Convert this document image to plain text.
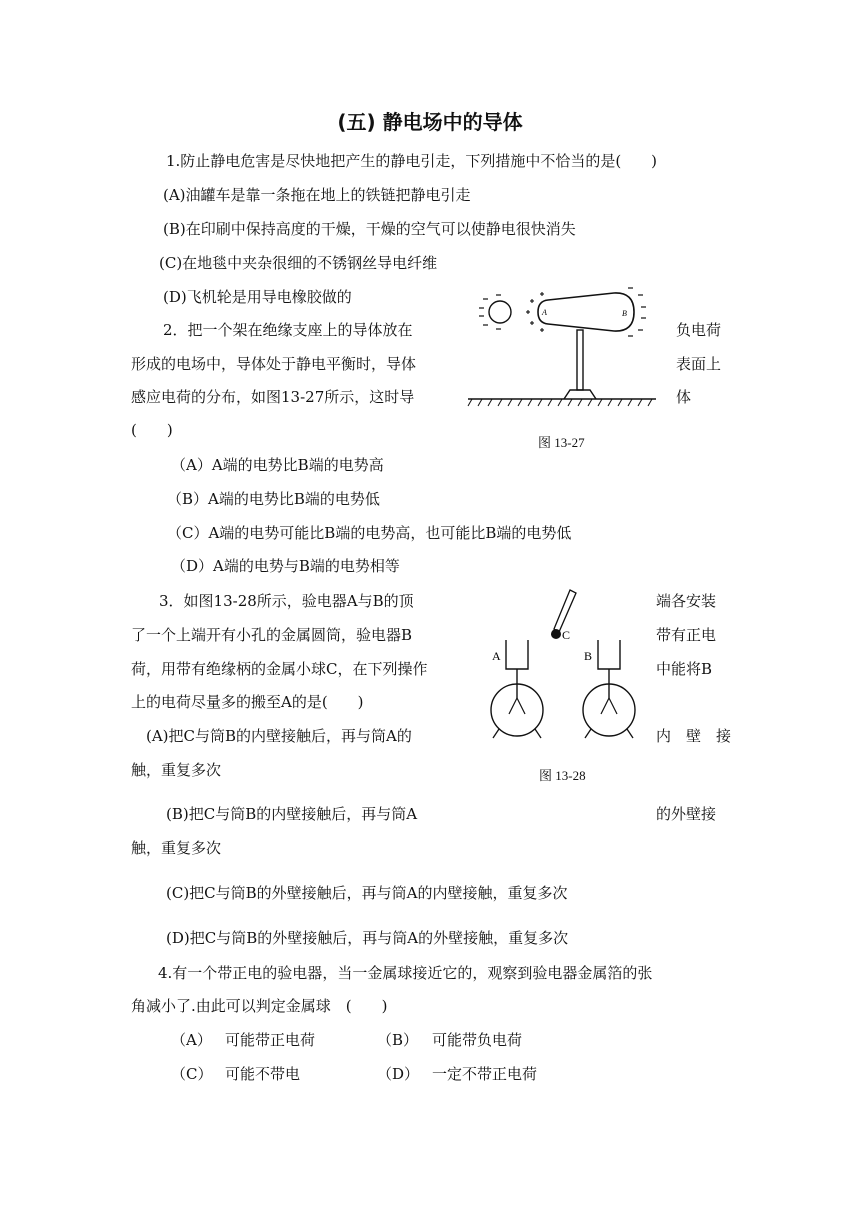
(五) 静电场中的导体
1.防止静电危害是尽快地把产生的静电引走，下列措施中不恰当的是(　　)
(A)油罐车是靠一条拖在地上的铁链把静电引走
(B)在印刷中保持高度的干燥，干燥的空气可以使静电很快消失
(C)在地毯中夹杂很细的不锈钢丝导电纤维
(D)飞机轮是用导电橡胶做的
2．把一个架在绝缘支座上的导体放在	负电荷
形成的电场中，导体处于静电平衡时，导体	表面上
感应电荷的分布，如图13-27所示，这时导	体
(　　)
A	B
图 13-27
（A）A端的电势比B端的电势高
（B）A端的电势比B端的电势低
（C）A端的电势可能比B端的电势高，也可能比B端的电势低
（D）A端的电势与B端的电势相等
3．如图13-28所示，验电器A与B的顶	端各安装
了一个上端开有小孔的金属圆筒，验电器B	带有正电
荷，用带有绝缘柄的金属小球C，在下列操作	中能将B
上的电荷尽量多的搬至A的是(　　)
(A)把C与筒B的内壁接触后，再与筒A的	内　壁　接
触，重复多次
C
A	B
图 13-28
(B)把C与筒B的内壁接触后，再与筒A	的外壁接
触，重复多次
(C)把C与筒B的外壁接触后，再与筒A的内壁接触，重复多次
(D)把C与筒B的外壁接触后，再与筒A的外壁接触，重复多次
4.有一个带正电的验电器，当一金属球接近它的，观察到验电器金属箔的张
角减小了.由此可以判定金属球　(　　)
（A） 可能带正电荷	（B） 可能带负电荷
（C） 可能不带电	（D） 一定不带正电荷
